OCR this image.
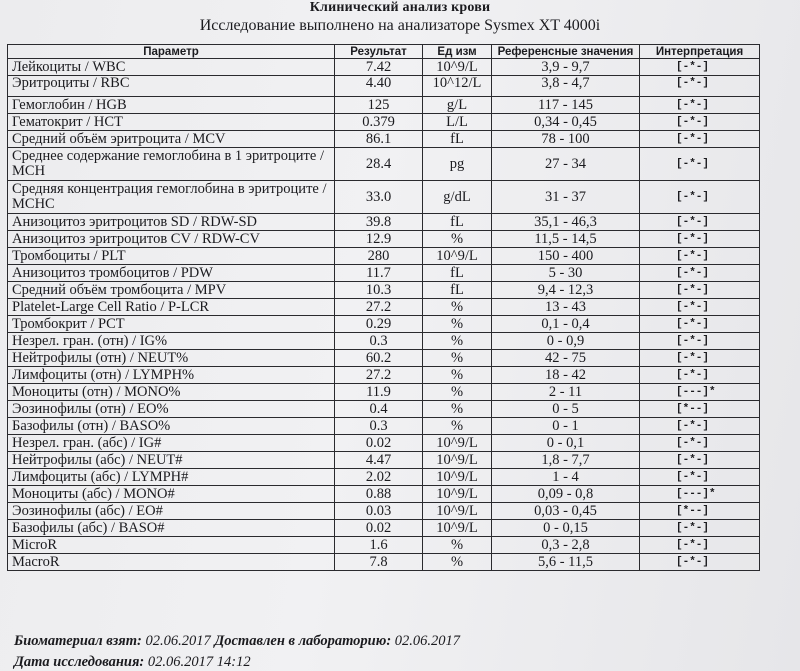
Клинический анализ крови
Исследование выполнено на анализаторе Sysmex XT 4000i
Параметр	Результат	Ед изм	Референсные значения	Интерпретация
Лейкоциты / WBC	7.42	10^9/L	3,9 - 9,7	[-*-]
Эритроциты / RBC	4.40	10^12/L	3,8 - 4,7	[-*-]
Гемоглобин / HGB	125	g/L	117 - 145	[-*-]
Гематокрит / HCT	0.379	L/L	0,34 - 0,45	[-*-]
Средний объём эритроцита / MCV	86.1	fL	78 - 100	[-*-]
Среднее содержание гемоглобина в 1 эритроците / MCH	28.4	pg	27 - 34	[-*-]
Средняя концентрация гемоглобина в эритроците / MCHC	33.0	g/dL	31 - 37	[-*-]
Анизоцитоз эритроцитов SD / RDW-SD	39.8	fL	35,1 - 46,3	[-*-]
Анизоцитоз эритроцитов CV / RDW-CV	12.9	%	11,5 - 14,5	[-*-]
Тромбоциты / PLT	280	10^9/L	150 - 400	[-*-]
Анизоцитоз тромбоцитов / PDW	11.7	fL	5 - 30	[-*-]
Средний объём тромбоцита / MPV	10.3	fL	9,4 - 12,3	[-*-]
Platelet-Large Cell Ratio / P-LCR	27.2	%	13 - 43	[-*-]
Тромбокрит / PCT	0.29	%	0,1 - 0,4	[-*-]
Незрел. гран. (отн) / IG%	0.3	%	0 - 0,9	[-*-]
Нейтрофилы (отн) / NEUT%	60.2	%	42 - 75	[-*-]
Лимфоциты (отн) / LYMPH%	27.2	%	18 - 42	[-*-]
Моноциты (отн) / MONO%	11.9	%	2 - 11	[---]*
Эозинофилы (отн) / EO%	0.4	%	0 - 5	[*--]
Базофилы (отн) / BASO%	0.3	%	0 - 1	[-*-]
Незрел. гран. (абс) / IG#	0.02	10^9/L	0 - 0,1	[-*-]
Нейтрофилы (абс) / NEUT#	4.47	10^9/L	1,8 - 7,7	[-*-]
Лимфоциты (абс) / LYMPH#	2.02	10^9/L	1 - 4	[-*-]
Моноциты (абс) / MONO#	0.88	10^9/L	0,09 - 0,8	[---]*
Эозинофилы (абс) / EO#	0.03	10^9/L	0,03 - 0,45	[*--]
Базофилы (абс) / BASO#	0.02	10^9/L	0 - 0,15	[-*-]
MicroR	1.6	%	0,3 - 2,8	[-*-]
MacroR	7.8	%	5,6 - 11,5	[-*-]
Биоматериал взят: 02.06.2017 Доставлен в лабораторию: 02.06.2017
Дата исследования: 02.06.2017 14:12
